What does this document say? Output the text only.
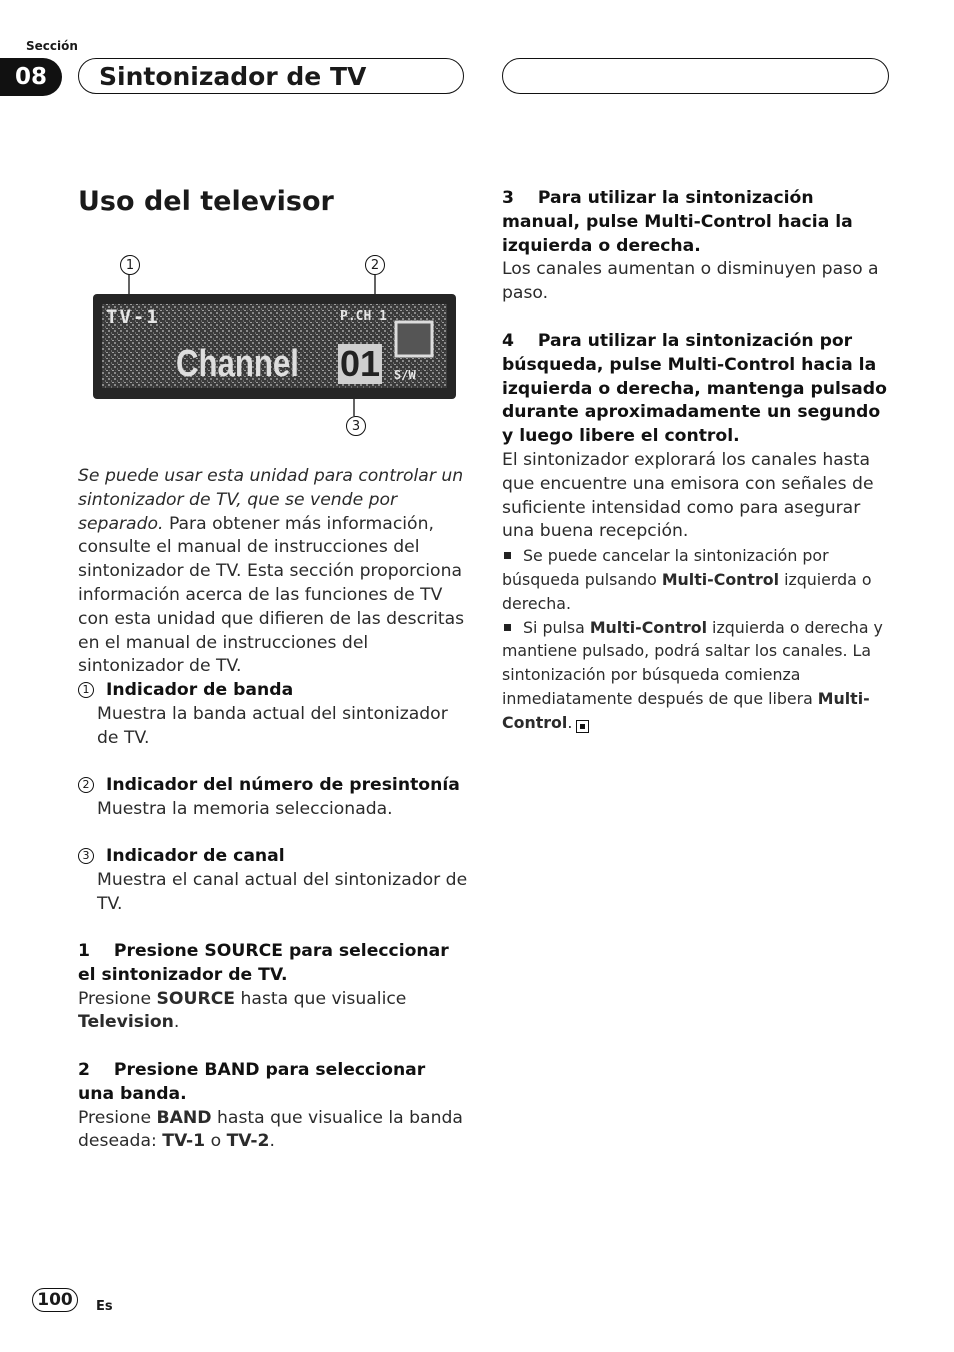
Sección
08	Sintonizador de TV
Uso del televisor
1	2
3
TV-1	P.CH 1
Channel 01 S/W
Se puede usar esta unidad para controlar un sintonizador de TV, que se vende por separado. Para obtener más información, consulte el manual de instrucciones del sintonizador de TV. Esta sección proporciona información acerca de las funciones de TV con esta unidad que difieren de las descritas en el manual de instrucciones del sintonizador de TV.
1 Indicador de banda
Muestra la banda actual del sintonizador de TV.
2 Indicador del número de presintonía
Muestra la memoria seleccionada.
3 Indicador de canal
Muestra el canal actual del sintonizador de TV.
1    Presione SOURCE para seleccionar el sintonizador de TV.
Presione SOURCE hasta que visualice Television.
2    Presione BAND para seleccionar una banda.
Presione BAND hasta que visualice la banda deseada: TV-1 o TV-2.
3    Para utilizar la sintonización manual, pulse Multi-Control hacia la izquierda o derecha.
Los canales aumentan o disminuyen paso a paso.
4    Para utilizar la sintonización por búsqueda, pulse Multi-Control hacia la izquierda o derecha, mantenga pulsado durante aproximadamente un segundo y luego libere el control.
El sintonizador explorará los canales hasta que encuentre una emisora con señales de suficiente intensidad como para asegurar una buena recepción.
Se puede cancelar la sintonización por búsqueda pulsando Multi-Control izquierda o derecha.
Si pulsa Multi-Control izquierda o derecha y mantiene pulsado, podrá saltar los canales. La sintonización por búsqueda comienza inmediatamente después de que libera Multi-Control.
100	Es
